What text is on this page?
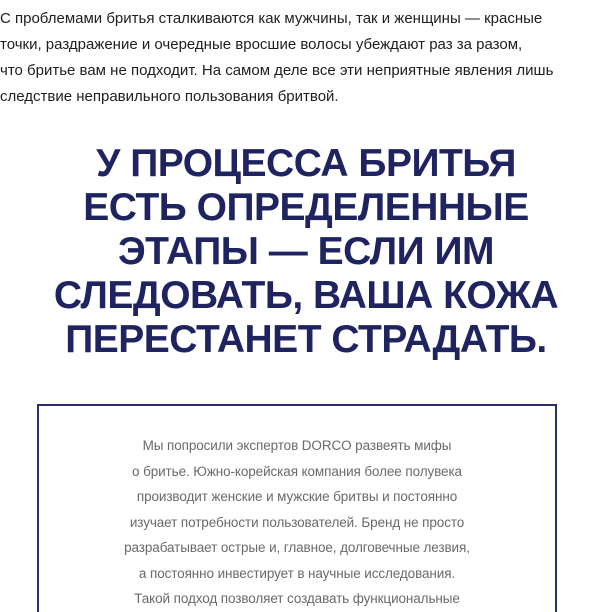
С проблемами бритья сталкиваются как мужчины, так и женщины — красные
точки, раздражение и очередные вросшие волосы убеждают раз за разом,
что бритье вам не подходит. На самом деле все эти неприятные явления лишь
следствие неправильного пользования бритвой.
У ПРОЦЕССА БРИТЬЯ
ЕСТЬ ОПРЕДЕЛЕННЫЕ
ЭТАПЫ — ЕСЛИ ИМ
СЛЕДОВАТЬ, ВАША КОЖА
ПЕРЕСТАНЕТ СТРАДАТЬ.

Мы попросили экспертов DORCO развеять мифы
о бритье. Южно-корейская компания более полувека
производит женские и мужские бритвы и постоянно
изучает потребности пользователей. Бренд не просто
разрабатывает острые и, главное, долговечные лезвия,
а постоянно инвестирует в научные исследования.
Такой подход позволяет создавать функциональные
